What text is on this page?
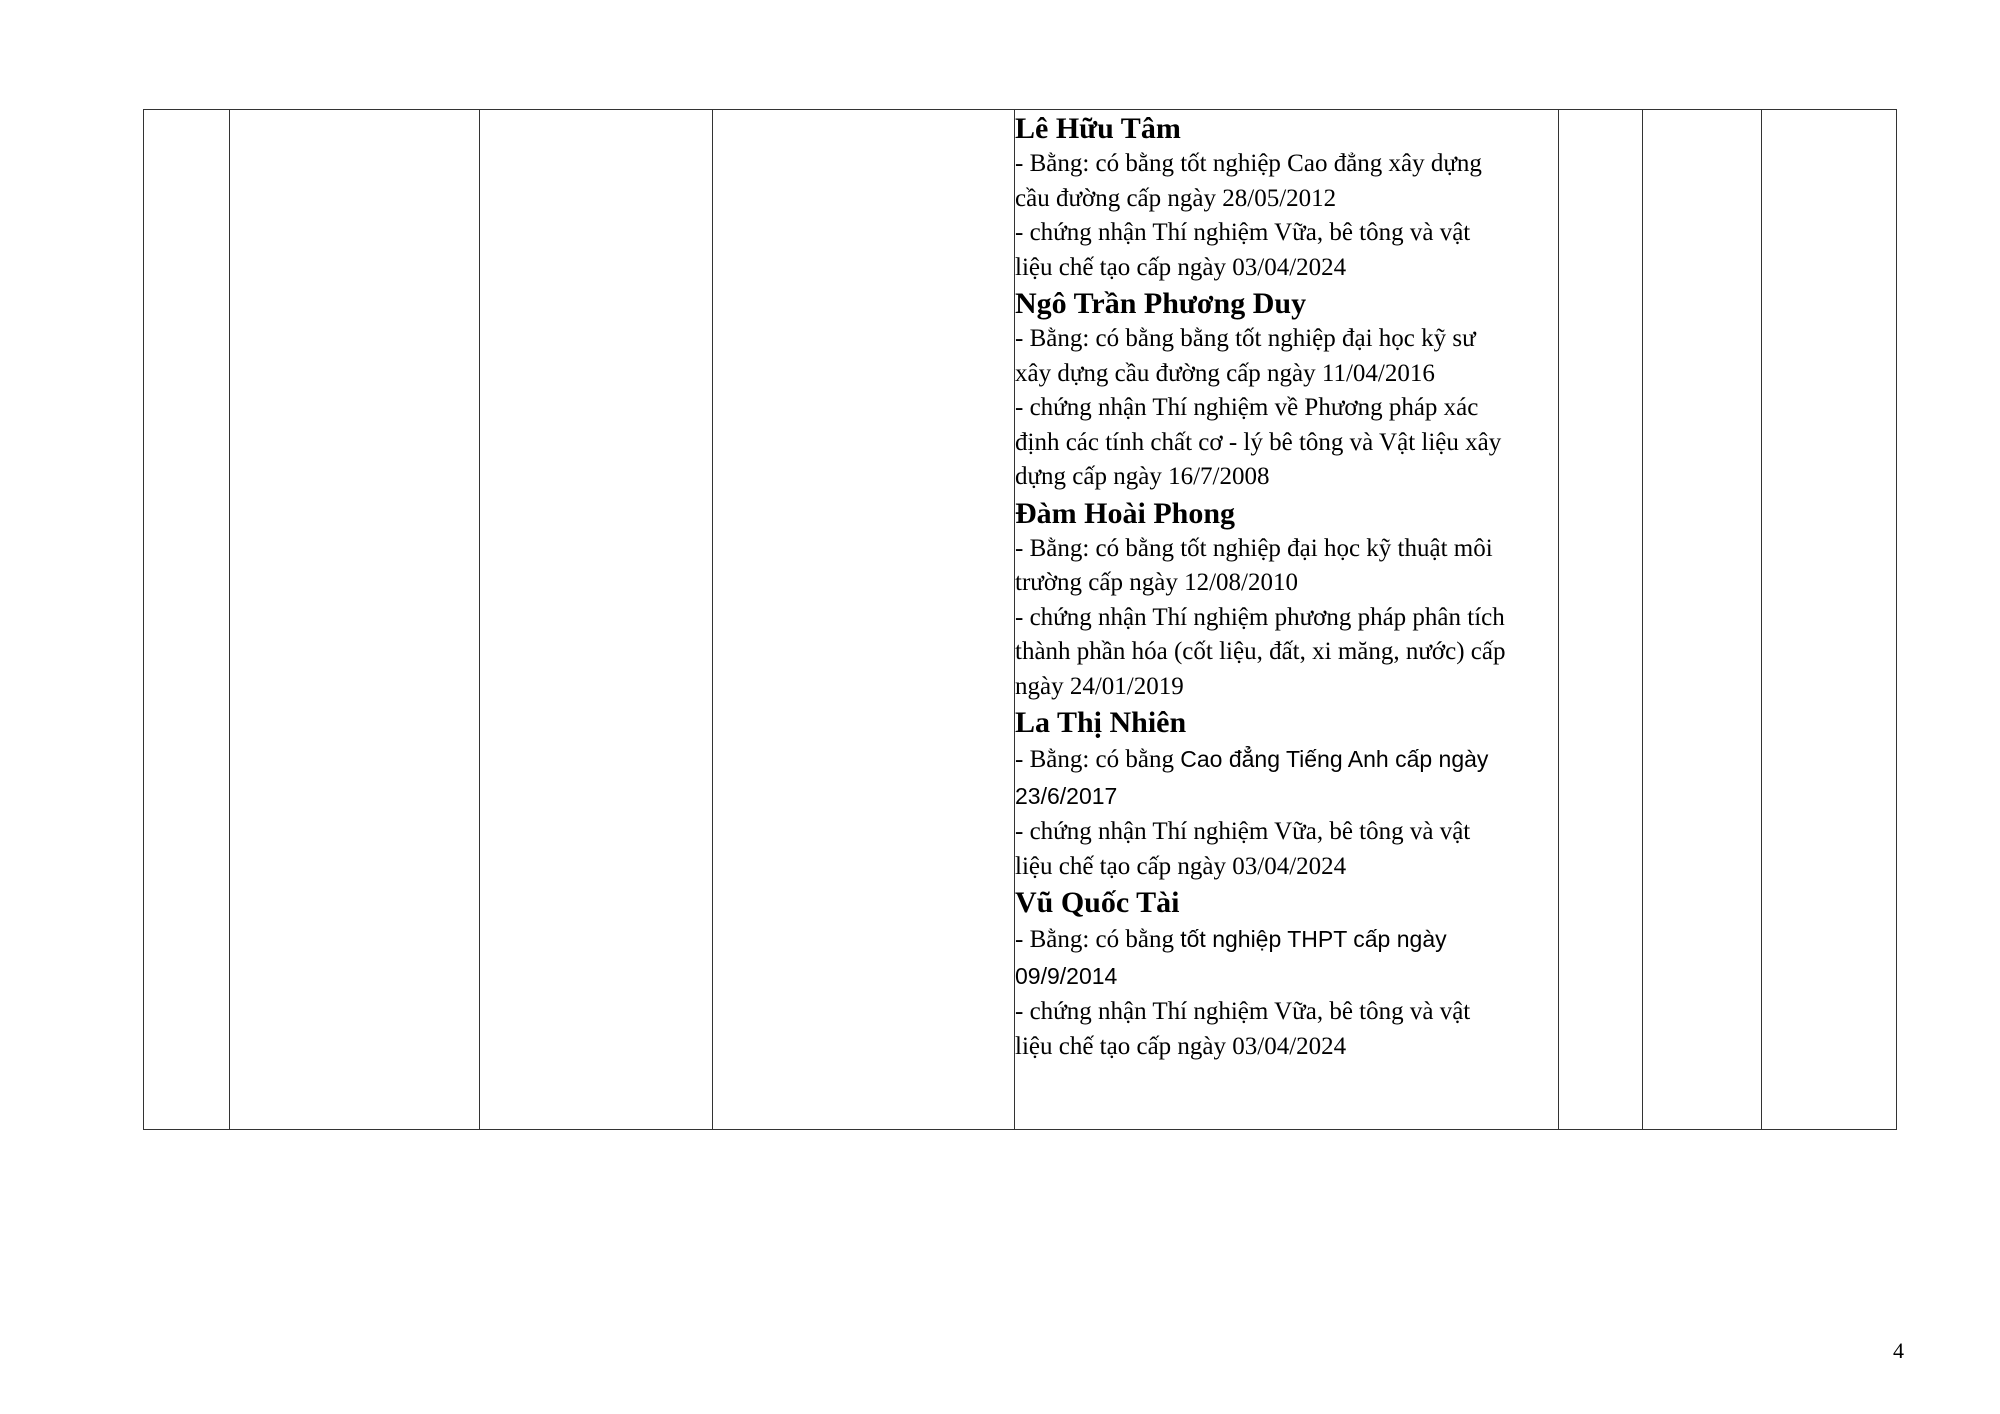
Lê Hữu Tâm

- Bằng: có bằng tốt nghiệp Cao đẳng xây dựng

cầu đường cấp ngày 28/05/2012

- chứng nhận Thí nghiệm Vữa, bê tông và vật

liệu chế tạo cấp ngày 03/04/2024

Ngô Trần Phương Duy

- Bằng: có bằng bằng tốt nghiệp đại học kỹ sư

xây dựng cầu đường cấp ngày 11/04/2016

- chứng nhận Thí nghiệm về Phương pháp xác

định các tính chất cơ - lý bê tông và Vật liệu xây

dựng cấp ngày 16/7/2008

Đàm Hoài Phong

- Bằng: có bằng tốt nghiệp đại học kỹ thuật môi

trường cấp ngày 12/08/2010

- chứng nhận Thí nghiệm phương pháp phân tích

thành phần hóa (cốt liệu, đất, xi măng, nước) cấp

ngày 24/01/2019

La Thị Nhiên

- Bằng: có bằng Cao đẳng Tiếng Anh cấp ngày

23/6/2017

- chứng nhận Thí nghiệm Vữa, bê tông và vật

liệu chế tạo cấp ngày 03/04/2024

Vũ Quốc Tài

- Bằng: có bằng tốt nghiệp THPT cấp ngày

09/9/2014

- chứng nhận Thí nghiệm Vữa, bê tông và vật

liệu chế tạo cấp ngày 03/04/2024

4
